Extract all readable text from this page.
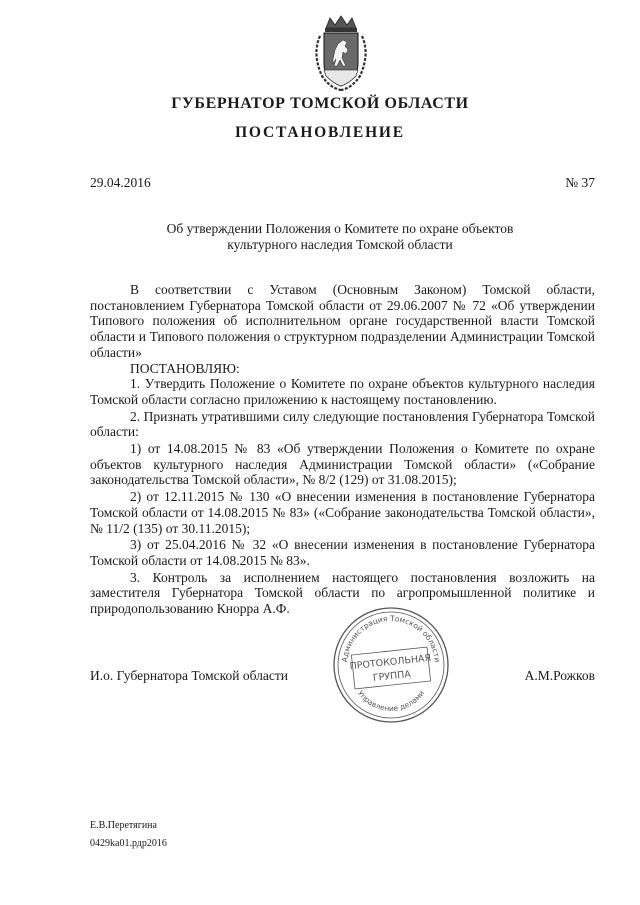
ГУБЕРНАТОР ТОМСКОЙ ОБЛАСТИ
ПОСТАНОВЛЕНИЕ
29.04.2016	№ 37
Об утверждении Положения о Комитете по охране объектов
культурного наследия Томской области

В соответствии с Уставом (Основным Законом) Томской области, постановлением Губернатора Томской области от 29.06.2007 № 72 «Об утверждении Типового положения об исполнительном органе государственной власти Томской области и Типового положения о структурном подразделении Администрации Томской области»

ПОСТАНОВЛЯЮ:

1. Утвердить Положение о Комитете по охране объектов культурного наследия Томской области согласно приложению к настоящему постановлению.

2. Признать утратившими силу следующие постановления Губернатора Томской области:

1) от 14.08.2015 № 83 «Об утверждении Положения о Комитете по охране объектов культурного наследия Администрации Томской области» («Собрание законодательства Томской области», № 8/2 (129) от 31.08.2015);

2) от 12.11.2015 № 130 «О внесении изменения в постановление Губернатора Томской области от 14.08.2015 № 83» («Собрание законодательства Томской области», № 11/2 (135) от 30.11.2015);

3) от 25.04.2016 № 32 «О внесении изменения в постановление Губернатора Томской области от 14.08.2015 № 83».

3. Контроль за исполнением настоящего постановления возложить на заместителя Губернатора Томской области по агропромышленной политике и природопользованию Кнорра А.Ф.

Администрация Томской области
Управление делами
ПРОТОКОЛЬНАЯ
ГРУППА
И.о. Губернатора Томской области	А.М.Рожков
Е.В.Перетягина
0429ka01.рдр2016
